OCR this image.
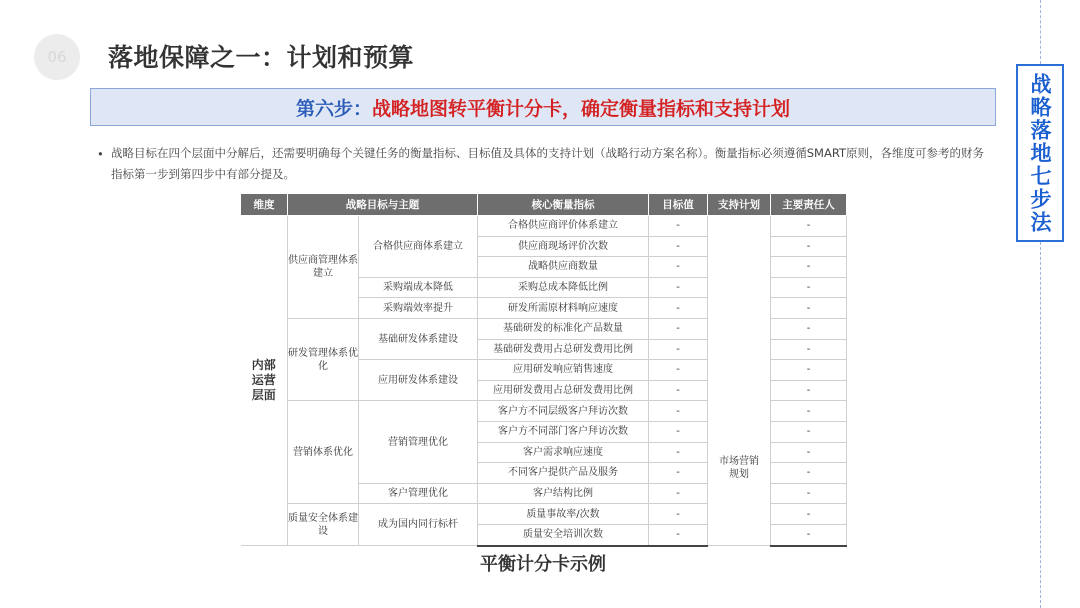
06	落地保障之一：计划和预算
第六步： 战略地图转平衡计分卡，确定衡量指标和支持计划	战略落地七步法
• 战略目标在四个层面中分解后，还需要明确每个关键任务的衡量指标、目标值及具体的支持计划（战略行动方案名称）。衡量指标必须遵循SMART原则，各维度可参考的财务指标第一步到第四步中有部分提及。
维度	战略目标与主题		核心衡量指标	目标值	支持计划	主要责任人

内部
运营
层面	供应商管理体系建立	合格供应商体系建立	合格供应商评价体系建立	-	市场营销规划	-
			供应商现场评价次数	-		-
			战略供应商数量	-		-
		采购端成本降低	采购总成本降低比例	-		-
		采购端效率提升	研发所需原材料响应速度	-		-
	研发管理体系优化	基础研发体系建设	基础研发的标准化产品数量	-		-
			基础研发费用占总研发费用比例	-		-
		应用研发体系建设	应用研发响应销售速度	-		-
			应用研发费用占总研发费用比例	-		-
	营销体系优化	营销管理优化	客户方不同层级客户拜访次数	-		-
			客户方不同部门客户拜访次数	-		-
			客户需求响应速度	-		-
			不同客户提供产品及服务	-		-
		客户管理优化	客户结构比例	-		-
	质量安全体系建设	成为国内同行标杆	质量事故率/次数	-		-
			质量安全培训次数	-		-
平衡计分卡示例
